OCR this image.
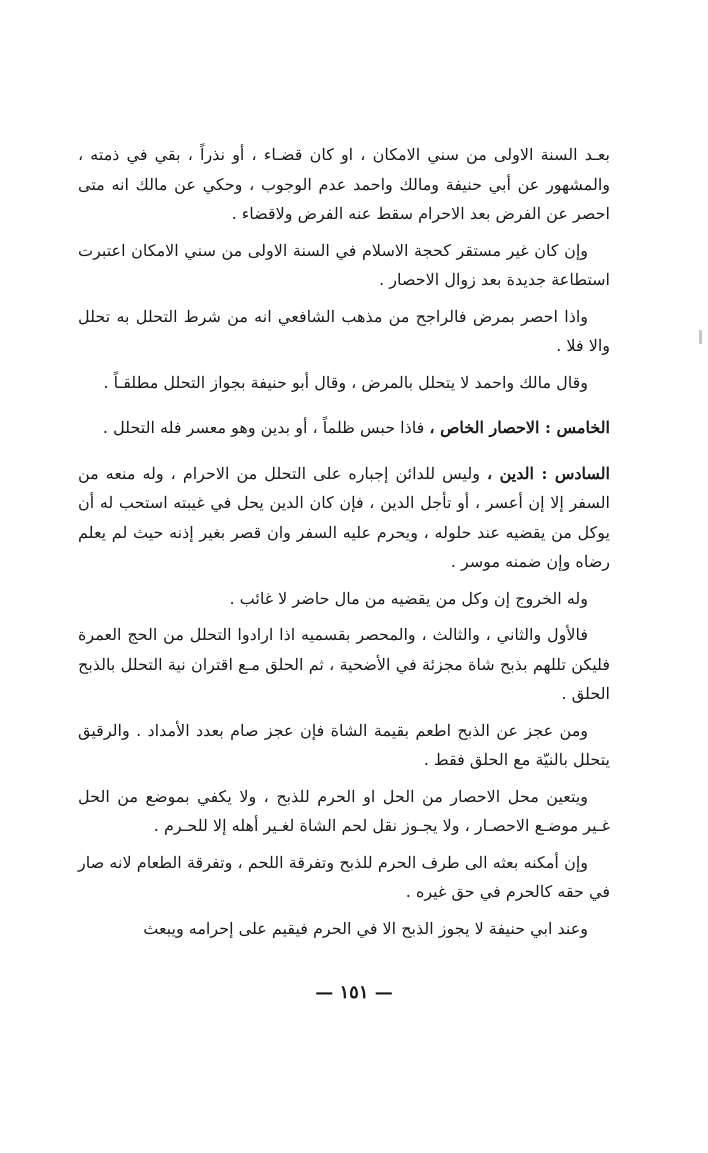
بعـد السنة الاولى من سني الامكان ، او كان قضـاء ، أو نذراً ، بقي في ذمته ، والمشهور عن أبي حنيفة ومالك واحمد عدم الوجوب ، وحكي عن مالك انه متى احصر عن الفرض بعد الاحرام سقط عنه الفرض ولاقضاء .

وإن كان غير مستقر كحجة الاسلام في السنة الاولى من سني الامكان اعتبرت استطاعة جديدة بعد زوال الاحصار .

واذا احصر بمرض فالراجح من مذهب الشافعي انه من شرط التحلل به تحلل والا فلا .

وقال مالك واحمد لا يتحلل بالمرض ، وقال أبو حنيفة بجواز التحلل مطلقـاً .

الخامس : الاحصار الخاص ، فاذا حبس ظلماً ، أو بدين وهو معسر فله التحلل .

السادس : الدين ، وليس للدائن إجباره على التحلل من الاحرام ، وله منعه من السفر إلا إن أعسر ، أو تأجل الدين ، فإن كان الدين يحل في غيبته استحب له أن يوكل من يقضيه عند حلوله ، ويحرم عليه السفر وان قصر بغير إذنه حيث لم يعلم رضاه وإن ضمنه موسر .

وله الخروج إن وكل من يقضيه من مال حاضر لا غائب .

فالأول والثاني ، والثالث ، والمحصر بقسميه اذا ارادوا التحلل من الحج العمرة فليكن تللهم بذبح شاة مجزئة في الأضحية ، ثم الحلق مـع اقتران نية التحلل بالذبح الحلق .

ومن عجز عن الذبح اطعم بقيمة الشاة فإن عجز صام بعدد الأمداد . والرقيق يتحلل بالنيّة مع الحلق فقط .

ويتعين محل الاحصار من الحل او الحرم للذبح ، ولا يكفي بموضع من الحل غـير موضـع الاحصـار ، ولا يجـوز نقل لحم الشاة لغـير أهله إلا للحـرم .

وإن أمكنه بعثه الى طرف الحرم للذبح وتفرقة اللحم ، وتفرقة الطعام لانه صار في حقه كالحرم في حق غيره .

وعند ابي حنيفة لا يجوز الذبح الا في الحرم فيقيم على إحرامه ويبعث

— ١٥١ —
